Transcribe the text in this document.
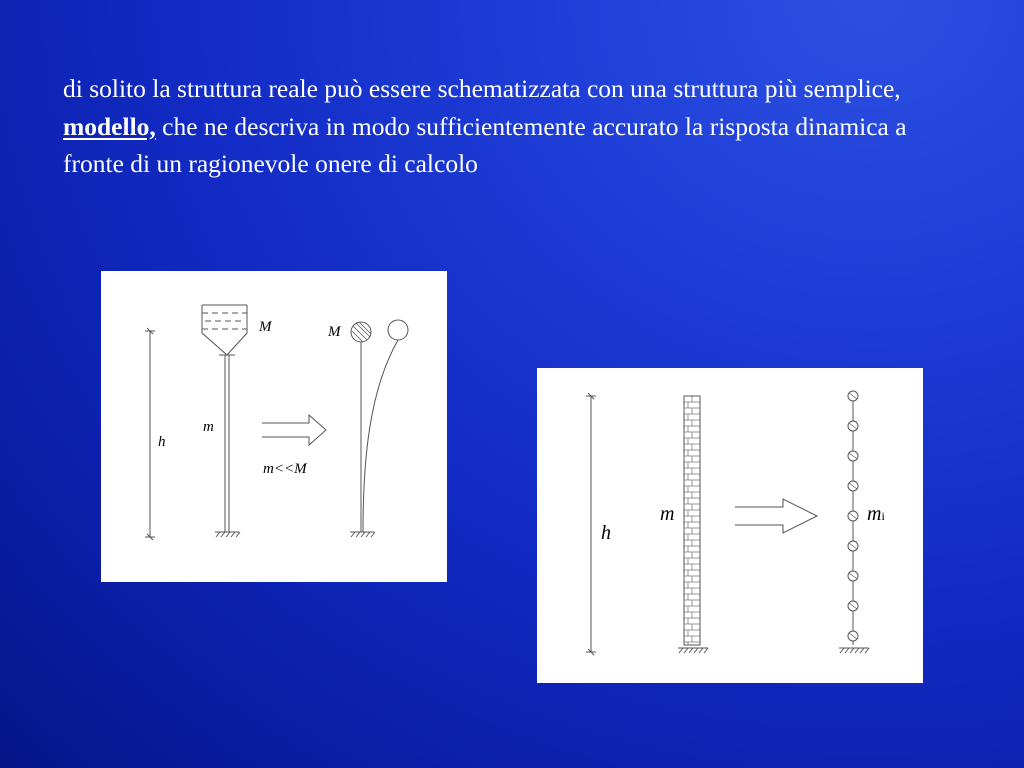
di solito la struttura reale può essere schematizzata con una struttura più semplice, modello, che ne descriva in modo sufficientemente accurato la risposta dinamica a fronte di un ragionevole onere di calcolo

M	M
m
h
m<<M
m
h
mi
